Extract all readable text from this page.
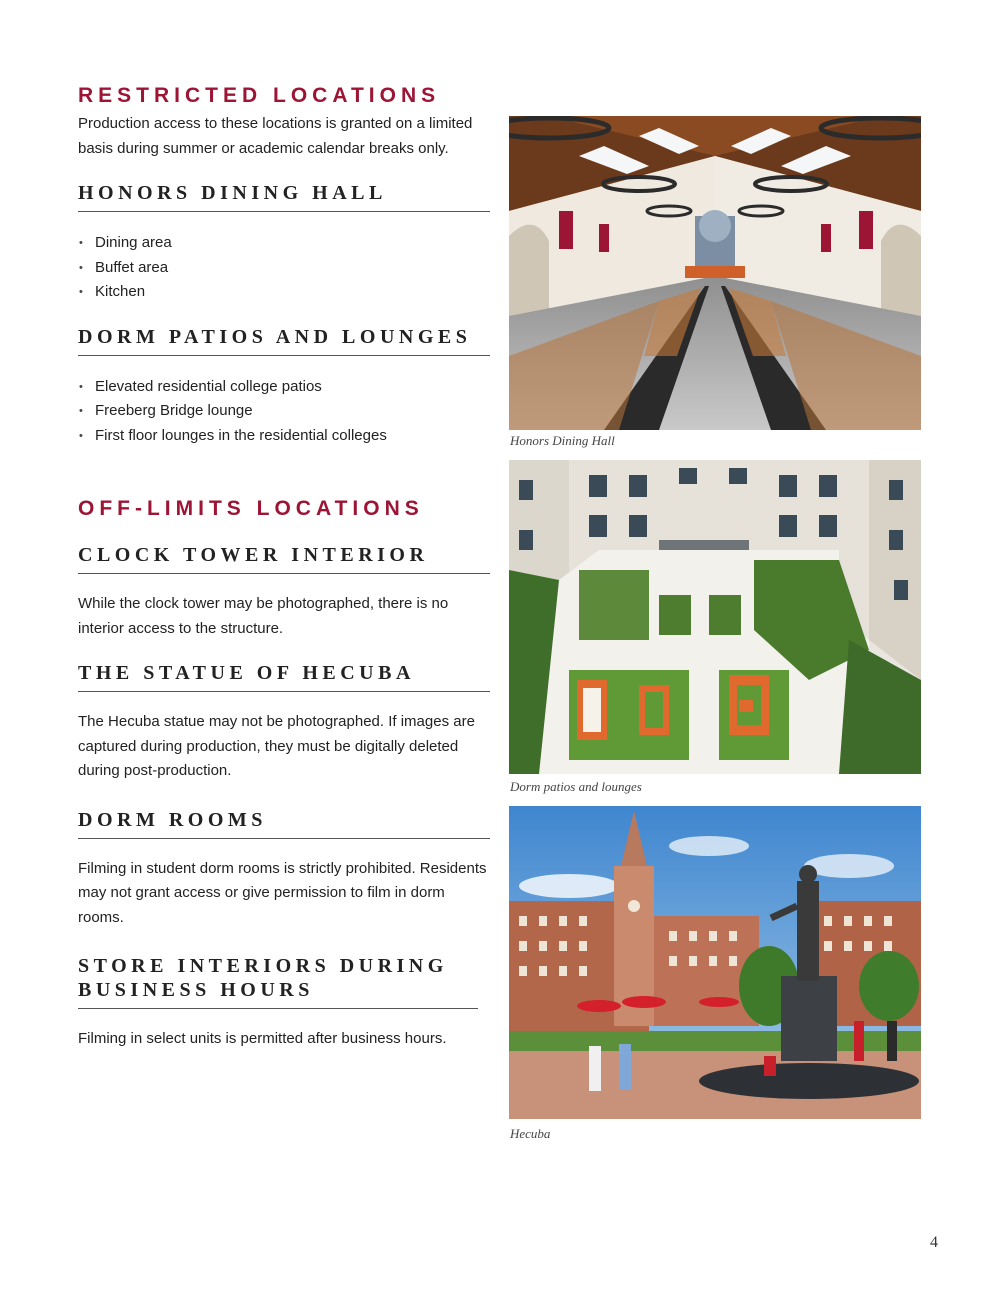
RESTRICTED LOCATIONS

Production access to these locations is granted on a limited basis during summer or academic calendar breaks only.

HONORS DINING HALL
• Dining area
• Buffet area
• Kitchen
DORM PATIOS AND LOUNGES
• Elevated residential college patios
• Freeberg Bridge lounge
• First floor lounges in the residential colleges
OFF-LIMITS LOCATIONS
CLOCK TOWER INTERIOR

While the clock tower may be photographed, there is no interior access to the structure.

THE STATUE OF HECUBA

The Hecuba statue may not be photographed. If images are captured during production, they must be digitally deleted during post-production.

DORM ROOMS

Filming in student dorm rooms is strictly prohibited. Residents may not grant access or give permission to film in dorm rooms.

STORE INTERIORS DURING BUSINESS HOURS

Filming in select units is permitted after business hours.

Honors Dining Hall
Dorm patios and lounges
Hecuba
4
